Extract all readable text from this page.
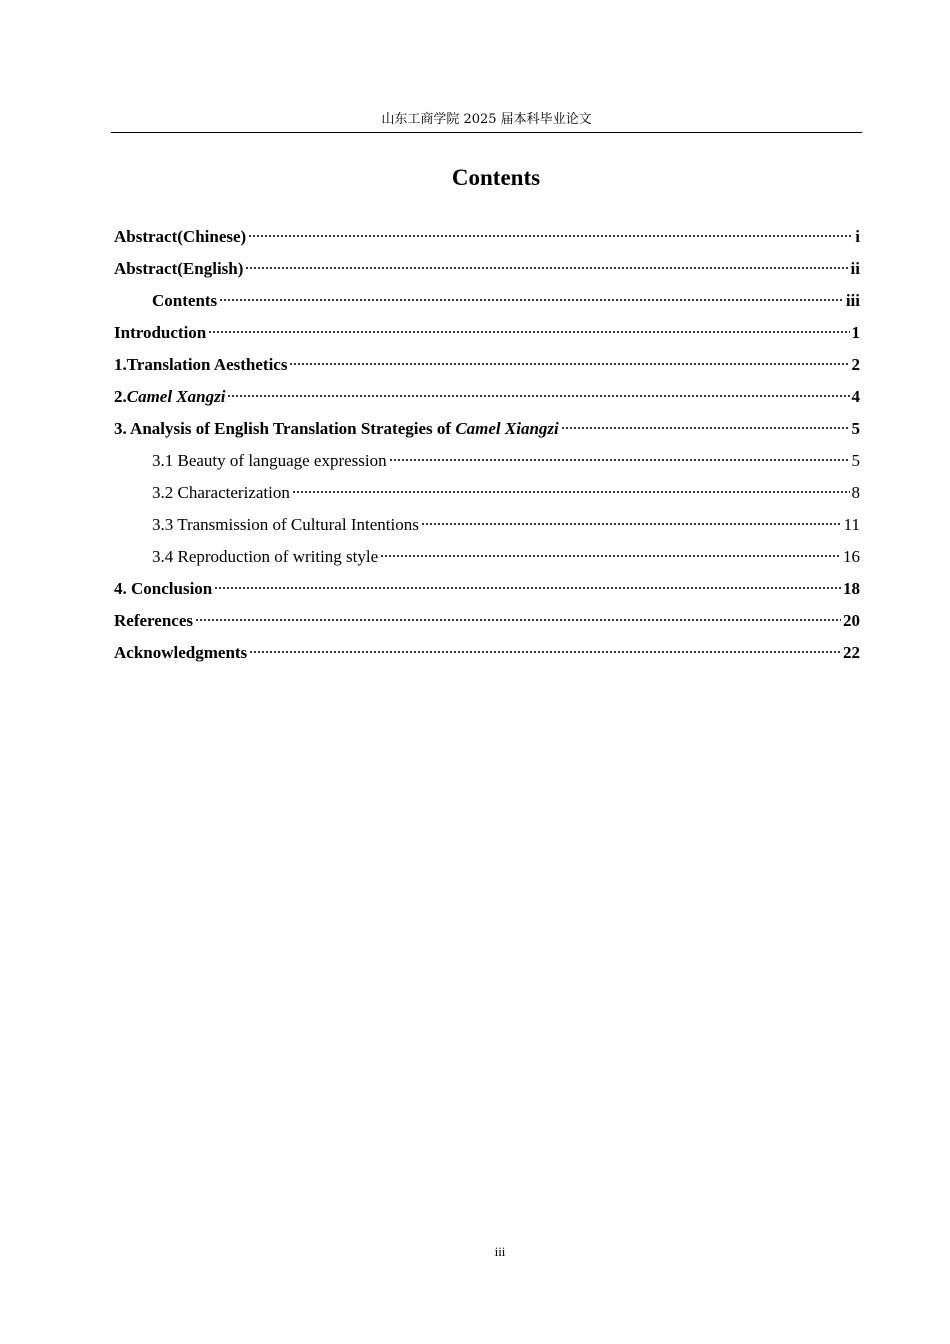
山东工商学院 2025 届本科毕业论文
Contents
Abstract(Chinese)	i
Abstract(English)	ii
Contents	iii
Introduction	1
1.Translation Aesthetics	2
2.Camel Xangzi	4
3. Analysis of English Translation Strategies of Camel Xiangzi	5
3.1 Beauty of language expression	5
3.2 Characterization	8
3.3 Transmission of Cultural Intentions	11
3.4 Reproduction of writing style	16
4. Conclusion	18
References	20
Acknowledgments	22
iii
